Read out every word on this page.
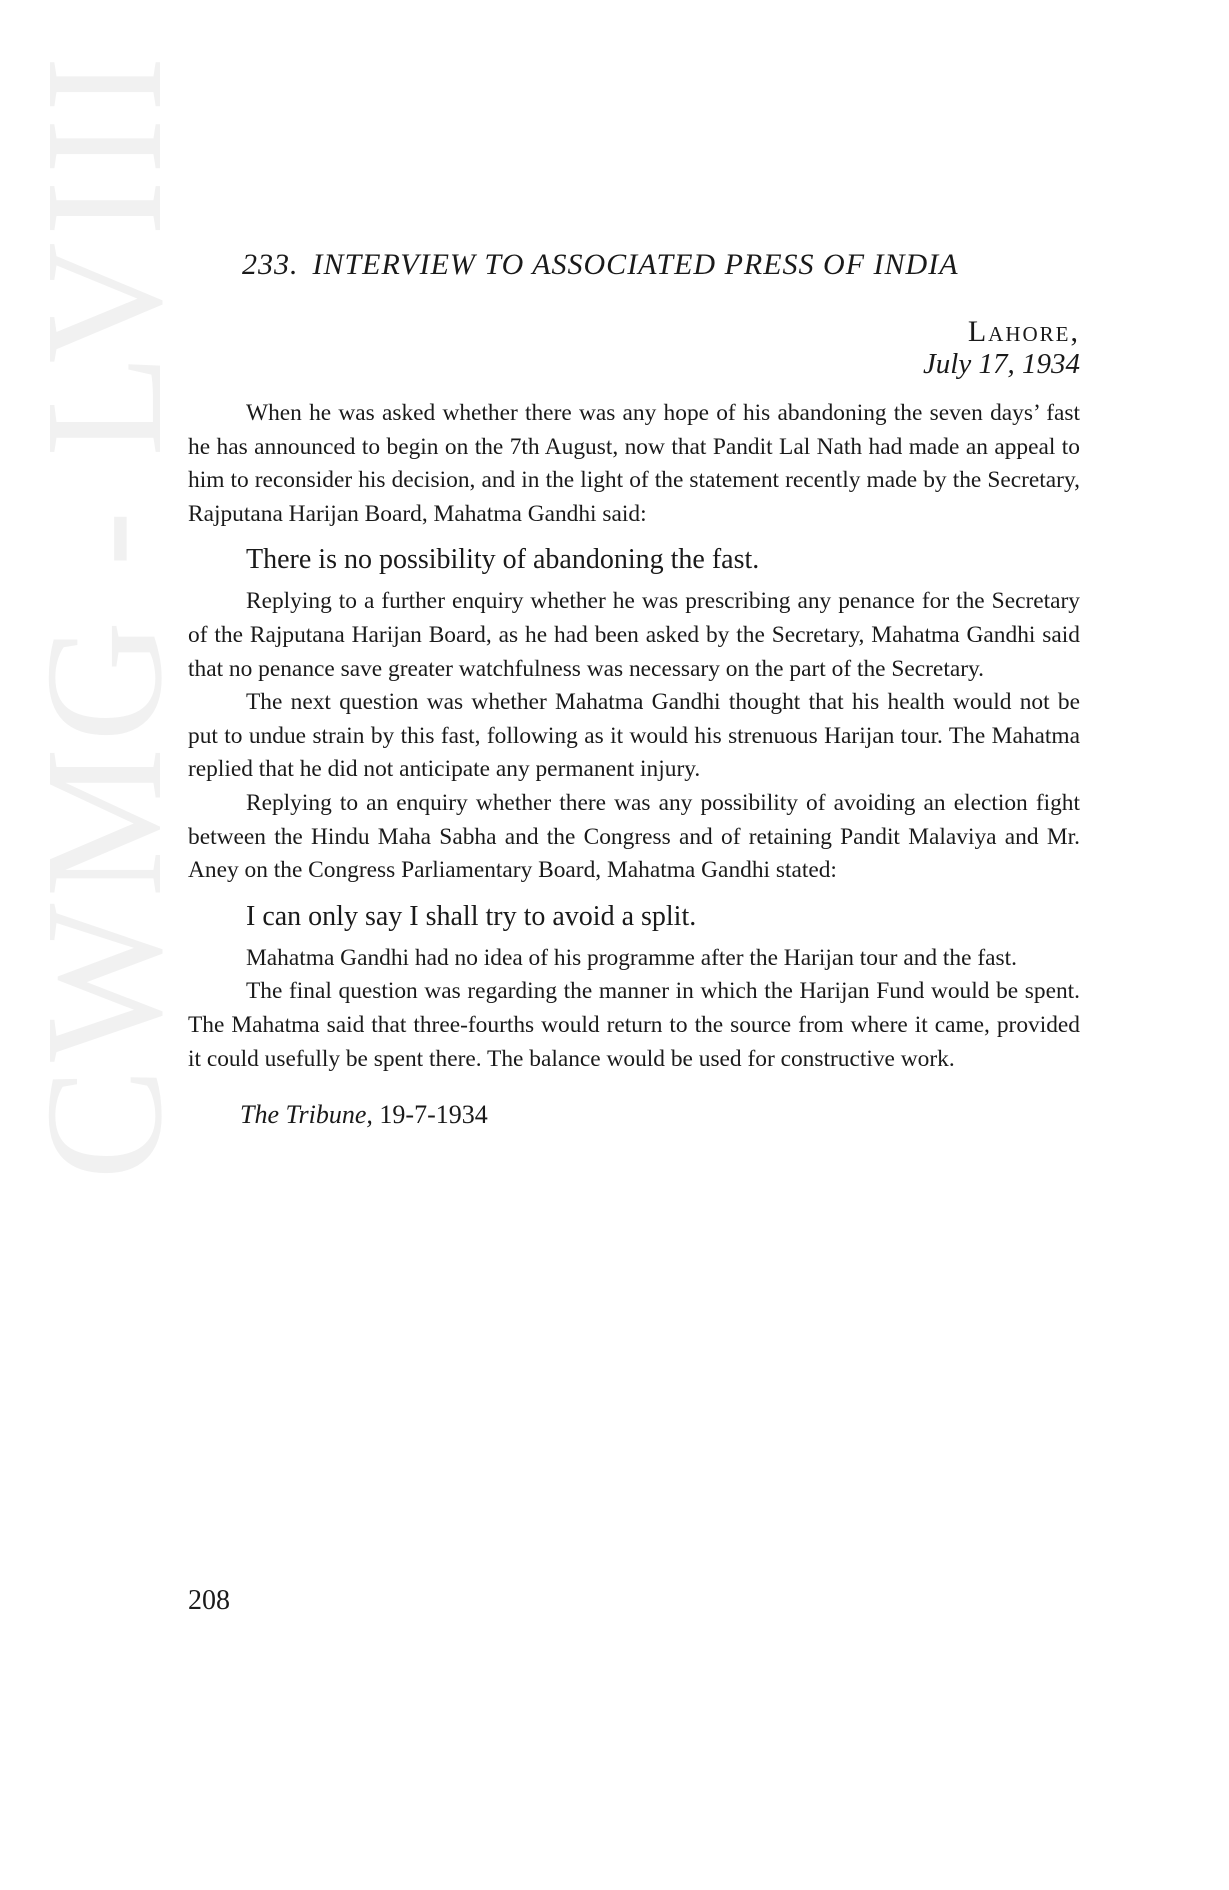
CWMG - LVIII 233. INTERVIEW TO ASSOCIATED PRESS OF INDIA
Lahore,
July 17, 1934

When he was asked whether there was any hope of his abandoning the seven days’ fast he has announced to begin on the 7th August, now that Pandit Lal Nath had made an appeal to him to reconsider his decision, and in the light of the statement recently made by the Secretary, Rajputana Harijan Board, Mahatma Gandhi said:

There is no possibility of abandoning the fast.

Replying to a further enquiry whether he was prescribing any penance for the Secretary of the Rajputana Harijan Board, as he had been asked by the Secretary, Mahatma Gandhi said that no penance save greater watchfulness was necessary on the part of the Secretary.

The next question was whether Mahatma Gandhi thought that his health would not be put to undue strain by this fast, following as it would his strenuous Harijan tour. The Mahatma replied that he did not anticipate any permanent injury.

Replying to an enquiry whether there was any possibility of avoiding an election fight between the Hindu Maha Sabha and the Congress and of retaining Pandit Malaviya and Mr. Aney on the Congress Parliamentary Board, Mahatma Gandhi stated:

I can only say I shall try to avoid a split.

Mahatma Gandhi had no idea of his programme after the Harijan tour and the fast.

The final question was regarding the manner in which the Harijan Fund would be spent. The Mahatma said that three-fourths would return to the source from where it came, provided it could usefully be spent there. The balance would be used for constructive work.

The Tribune, 19-7-1934

208
